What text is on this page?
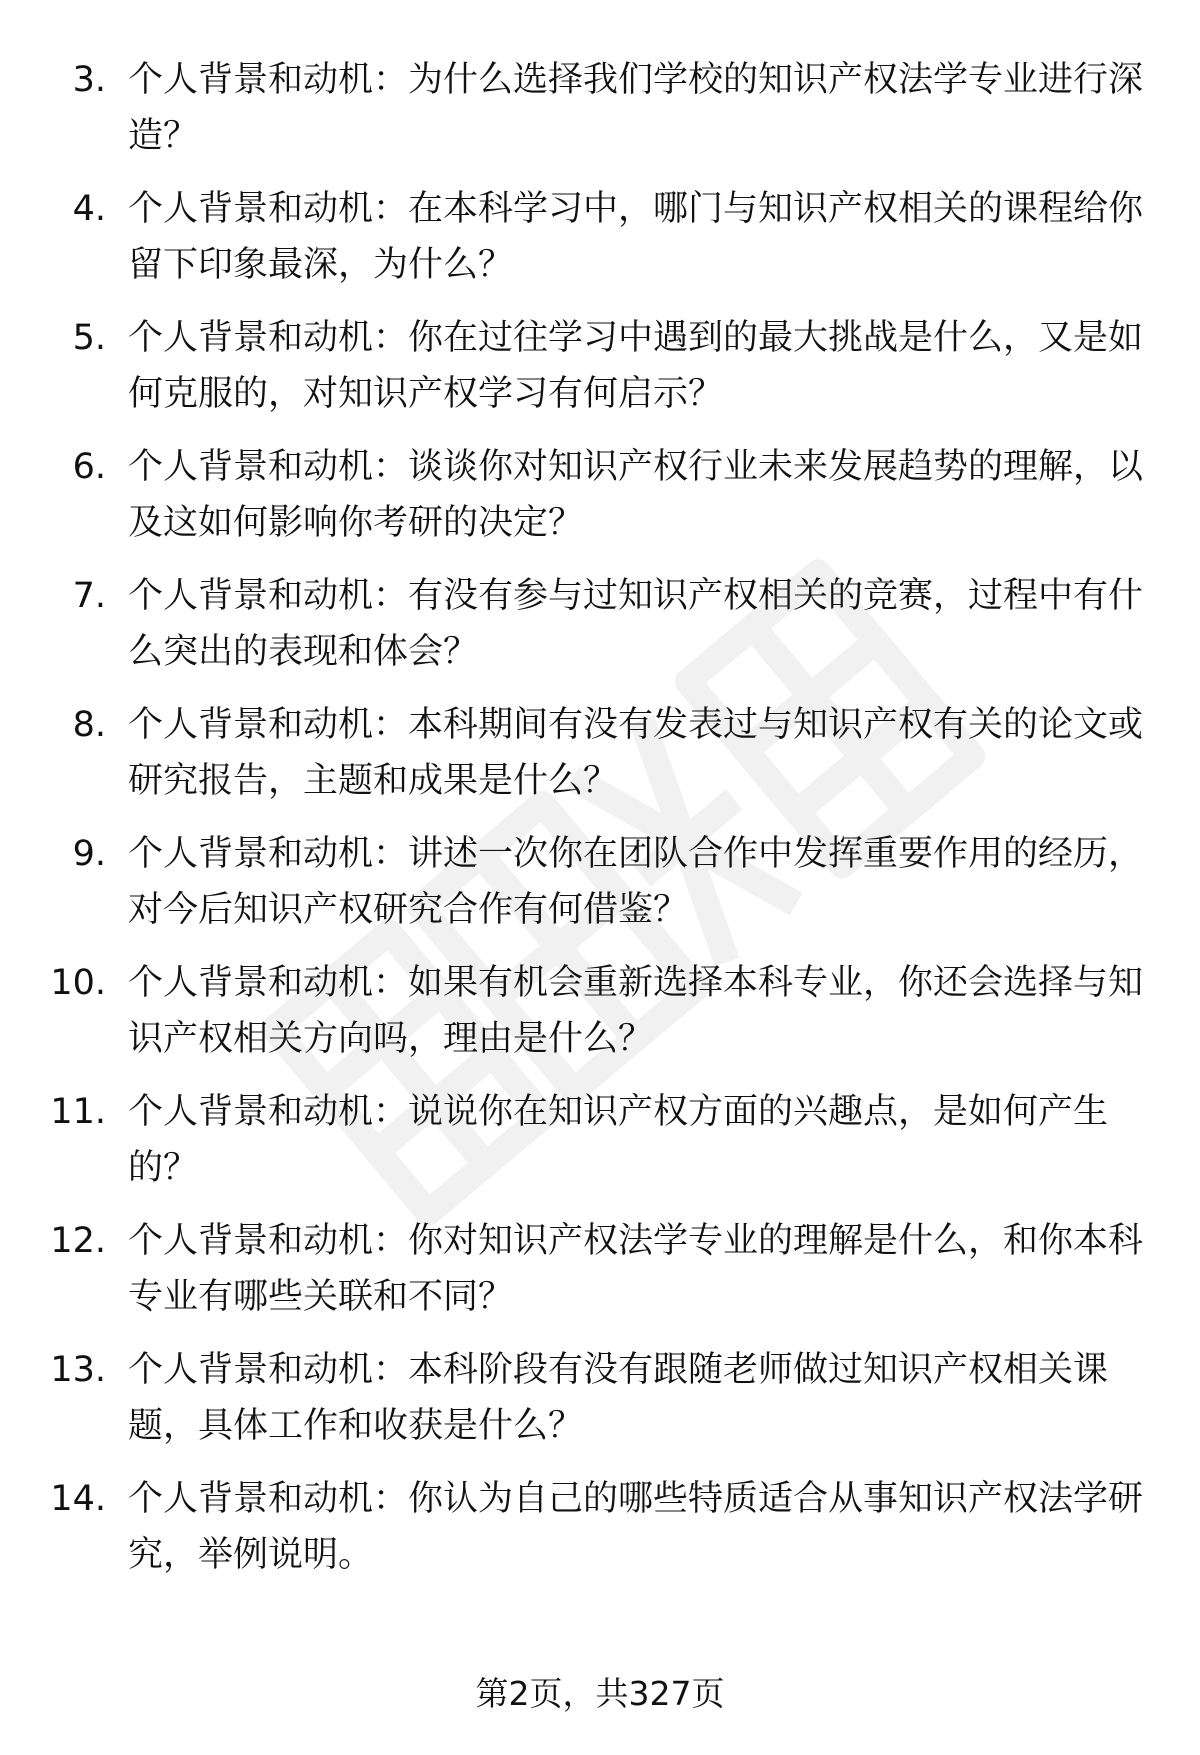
3. 个人背景和动机：为什么选择我们学校的知识产权法学专业进行深造？
4. 个人背景和动机：在本科学习中，哪门与知识产权相关的课程给你留下印象最深，为什么？
5. 个人背景和动机：你在过往学习中遇到的最大挑战是什么，又是如何克服的，对知识产权学习有何启示？
6. 个人背景和动机：谈谈你对知识产权行业未来发展趋势的理解，以及这如何影响你考研的决定？
7. 个人背景和动机：有没有参与过知识产权相关的竞赛，过程中有什么突出的表现和体会？
8. 个人背景和动机：本科期间有没有发表过与知识产权有关的论文或研究报告，主题和成果是什么？
9. 个人背景和动机：讲述一次你在团队合作中发挥重要作用的经历，对今后知识产权研究合作有何借鉴？
10. 个人背景和动机：如果有机会重新选择本科专业，你还会选择与知识产权相关方向吗，理由是什么？
11. 个人背景和动机：说说你在知识产权方面的兴趣点，是如何产生的？
12. 个人背景和动机：你对知识产权法学专业的理解是什么，和你本科专业有哪些关联和不同？
13. 个人背景和动机：本科阶段有没有跟随老师做过知识产权相关课题，具体工作和收获是什么？
14. 个人背景和动机：你认为自己的哪些特质适合从事知识产权法学研究，举例说明。
第2页，共327页
